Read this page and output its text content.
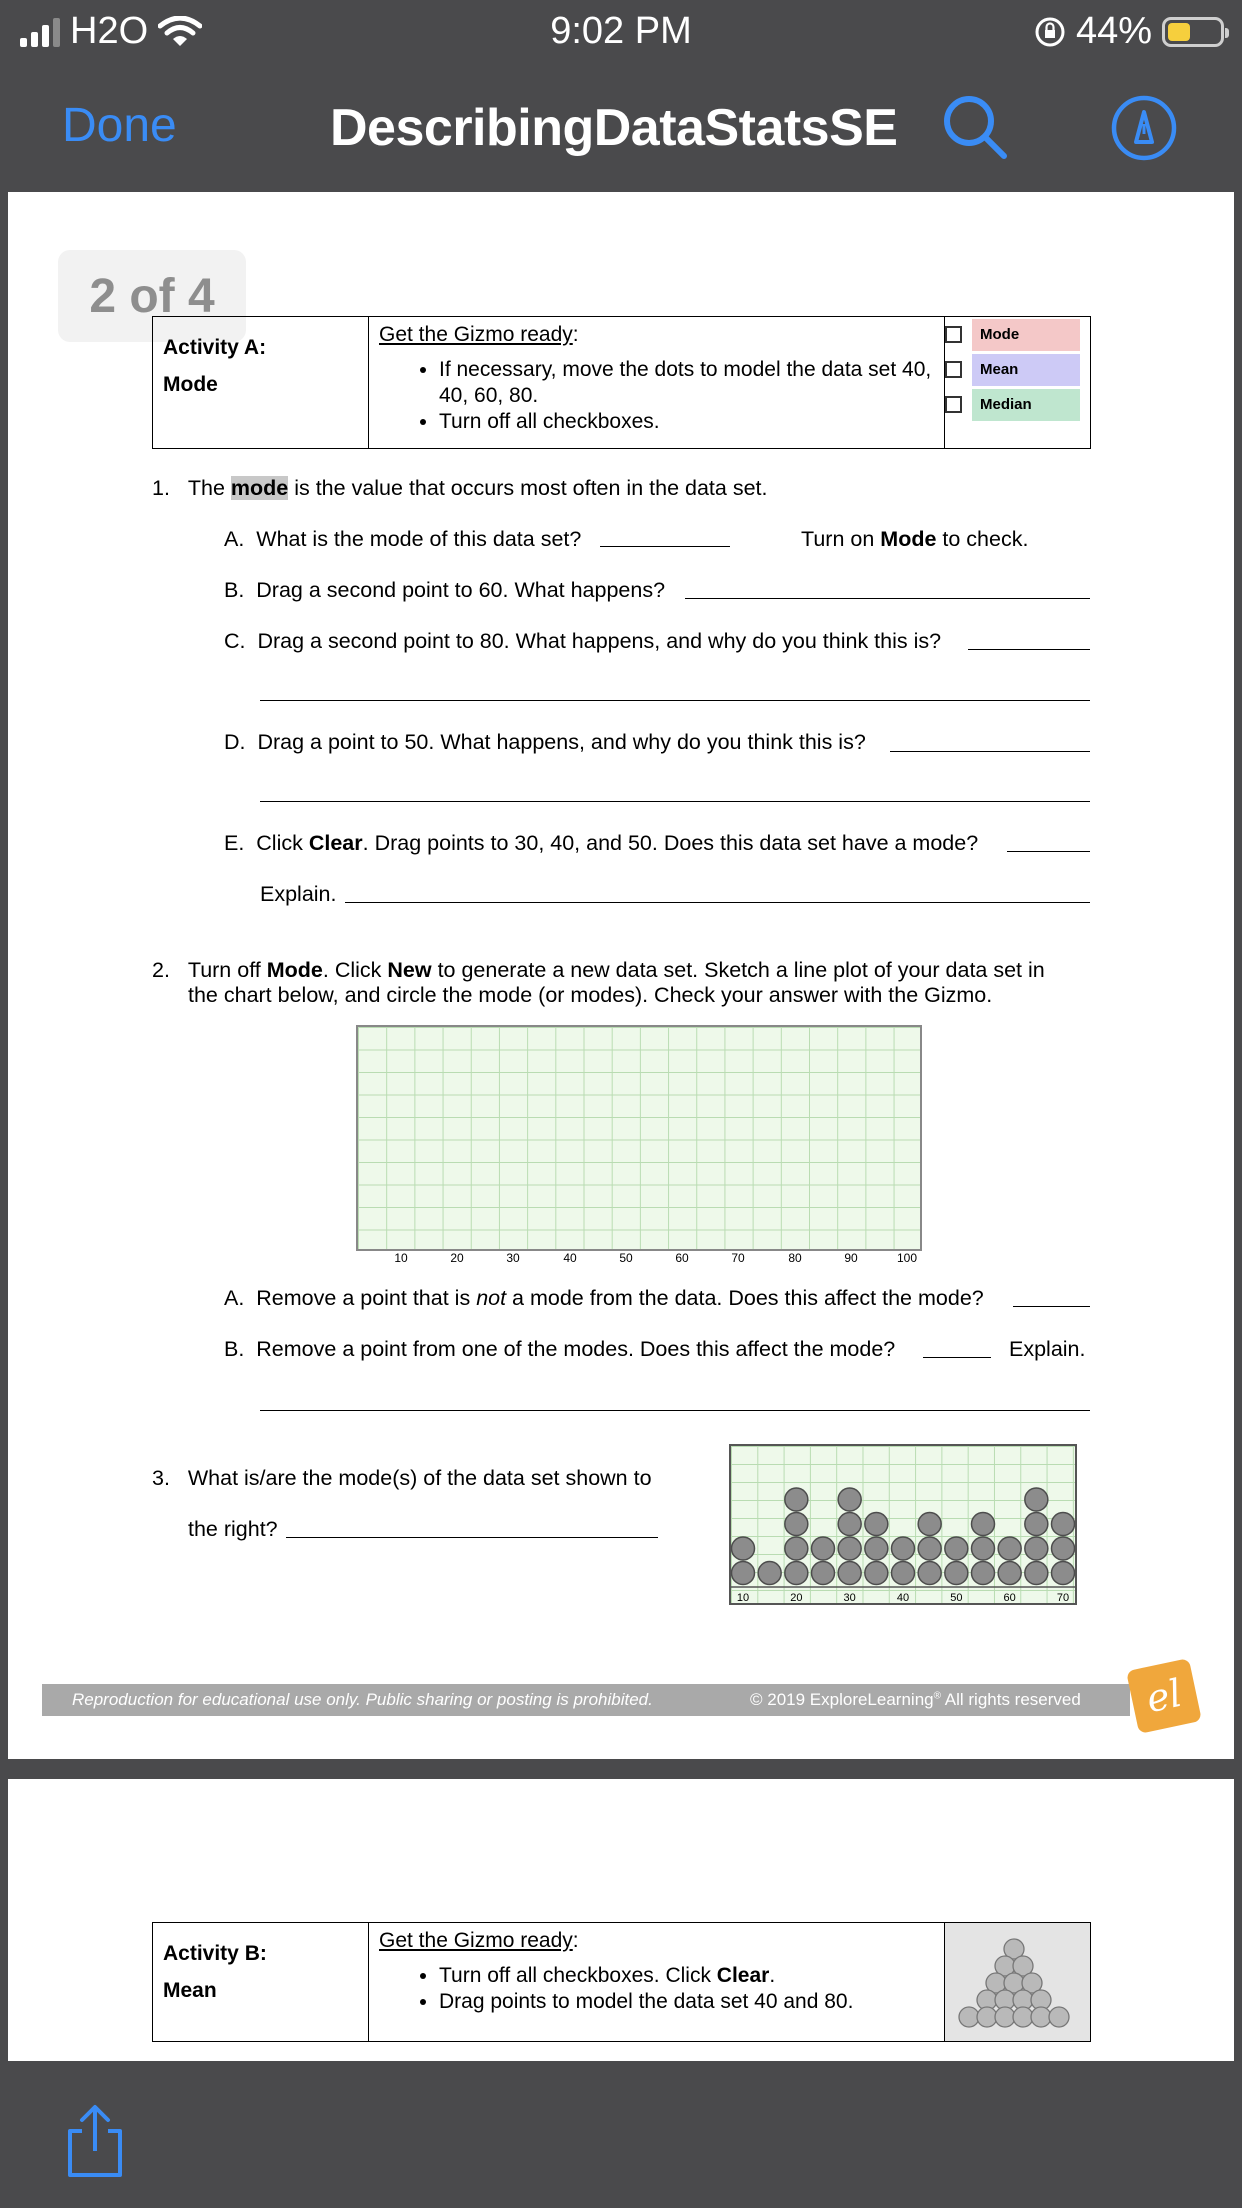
H2O	9:02 PM	44%
Done	DescribingDataStatsSE
2 of 4
Activity A:
Mode

Get the Gizmo ready:
• If necessary, move the dots to model the data set 40, 40, 60, 80.
• Turn off all checkboxes.

Mode
Mean
Median
1. The mode is the value that occurs most often in the data set.
A. What is the mode of this data set?	Turn on Mode to check.
B. Drag a second point to 60. What happens?
C. Drag a second point to 80. What happens, and why do you think this is?
D. Drag a point to 50. What happens, and why do you think this is?
E. Click Clear. Drag points to 30, 40, and 50. Does this data set have a mode?
Explain.
2. Turn off Mode. Click New to generate a new data set. Sketch a line plot of your data set in
the chart below, and circle the mode (or modes). Check your answer with the Gizmo.
10	20	30	40	50	60	70	80	90	100
A. Remove a point that is not a mode from the data. Does this affect the mode?
B. Remove a point from one of the modes. Does this affect the mode?	Explain.
3. What is/are the mode(s) of the data set shown to
the right?
10	20	30	40	50	60	70
Reproduction for educational use only. Public sharing or posting is prohibited.	© 2019 ExploreLearning® All rights reserved el
Activity B:
Mean

Get the Gizmo ready:
• Turn off all checkboxes. Click Clear.
• Drag points to model the data set 40 and 80.
